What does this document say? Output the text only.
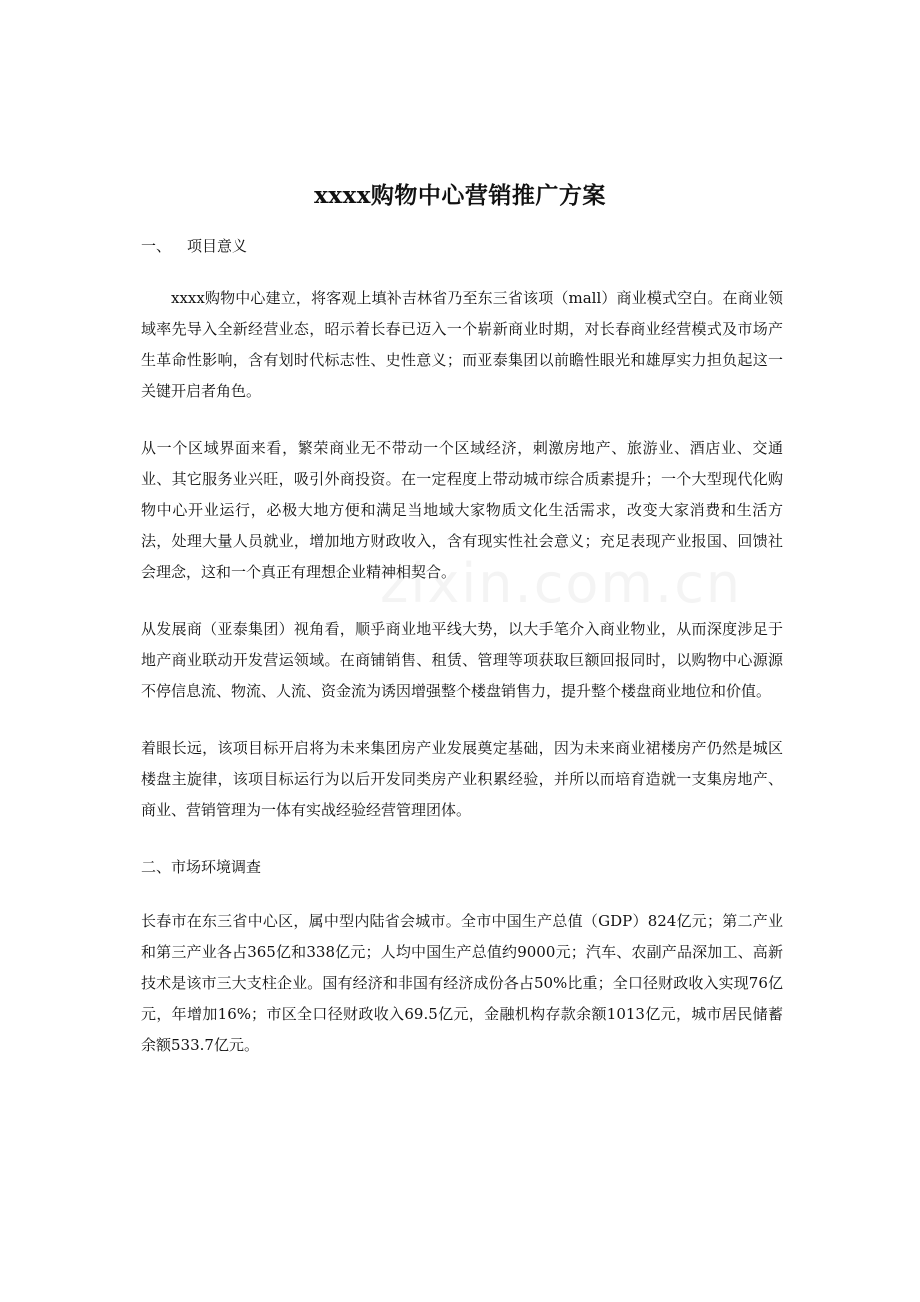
zixin.com.cn
xxxx购物中心营销推广方案

一、 项目意义

xxxx购物中心建立，将客观上填补吉林省乃至东三省该项（mall）商业模式空白。在商业领域率先导入全新经营业态，昭示着长春已迈入一个崭新商业时期，对长春商业经营模式及市场产生革命性影响，含有划时代标志性、史性意义；而亚泰集团以前瞻性眼光和雄厚实力担负起这一关键开启者角色。

从一个区域界面来看，繁荣商业无不带动一个区域经济，刺激房地产、旅游业、酒店业、交通业、其它服务业兴旺，吸引外商投资。在一定程度上带动城市综合质素提升；一个大型现代化购物中心开业运行，必极大地方便和满足当地域大家物质文化生活需求，改变大家消费和生活方法，处理大量人员就业，增加地方财政收入，含有现实性社会意义；充足表现产业报国、回馈社会理念，这和一个真正有理想企业精神相契合。

从发展商（亚泰集团）视角看，顺乎商业地平线大势，以大手笔介入商业物业，从而深度涉足于地产商业联动开发营运领域。在商铺销售、租赁、管理等项获取巨额回报同时，以购物中心源源不停信息流、物流、人流、资金流为诱因增强整个楼盘销售力，提升整个楼盘商业地位和价值。

着眼长远，该项目标开启将为未来集团房产业发展奠定基础，因为未来商业裙楼房产仍然是城区楼盘主旋律，该项目标运行为以后开发同类房产业积累经验，并所以而培育造就一支集房地产、商业、营销管理为一体有实战经验经营管理团体。

二、市场环境调查

长春市在东三省中心区，属中型内陆省会城市。全市中国生产总值（GDP）824亿元；第二产业和第三产业各占365亿和338亿元；人均中国生产总值约9000元；汽车、农副产品深加工、高新技术是该市三大支柱企业。国有经济和非国有经济成份各占50%比重；全口径财政收入实现76亿元，年增加16%；市区全口径财政收入69.5亿元，金融机构存款余额1013亿元，城市居民储蓄余额533.7亿元。
